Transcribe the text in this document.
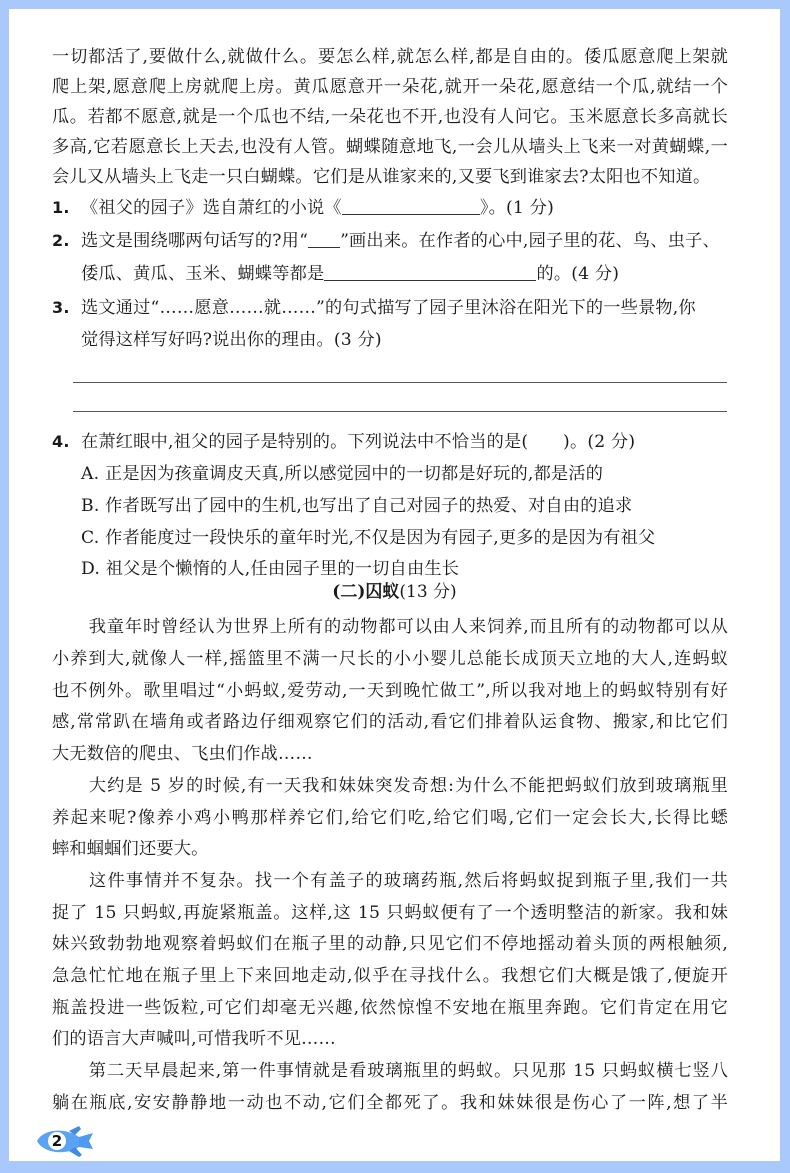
一切都活了,要做什么,就做什么。要怎么样,就怎么样,都是自由的。倭瓜愿意爬上架就
爬上架,愿意爬上房就爬上房。黄瓜愿意开一朵花,就开一朵花,愿意结一个瓜,就结一个
瓜。若都不愿意,就是一个瓜也不结,一朵花也不开,也没有人问它。玉米愿意长多高就长
多高,它若愿意长上天去,也没有人管。蝴蝶随意地飞,一会儿从墙头上飞来一对黄蝴蝶,一
会儿又从墙头上飞走一只白蝴蝶。它们是从谁家来的,又要飞到谁家去?太阳也不知道。
1. 《祖父的园子》选自萧红的小说《	》。(1 分)
2. 选文是围绕哪两句话写的?用“ ”画出来。在作者的心中,园子里的花、鸟、虫子、
倭瓜、黄瓜、玉米、蝴蝶等都是	的。(4 分)
3. 选文通过“……愿意……就……”的句式描写了园子里沐浴在阳光下的一些景物,你
觉得这样写好吗?说出你的理由。(3 分)
4. 在萧红眼中,祖父的园子是特别的。下列说法中不恰当的是(　　)。(2 分)
A. 正是因为孩童调皮天真,所以感觉园中的一切都是好玩的,都是活的
B. 作者既写出了园中的生机,也写出了自己对园子的热爱、对自由的追求
C. 作者能度过一段快乐的童年时光,不仅是因为有园子,更多的是因为有祖父
D. 祖父是个懒惰的人,任由园子里的一切自由生长
(二)囚蚁(13 分)
我童年时曾经认为世界上所有的动物都可以由人来饲养,而且所有的动物都可以从
小养到大,就像人一样,摇篮里不满一尺长的小小婴儿总能长成顶天立地的大人,连蚂蚁
也不例外。歌里唱过“小蚂蚁,爱劳动,一天到晚忙做工”,所以我对地上的蚂蚁特别有好
感,常常趴在墙角或者路边仔细观察它们的活动,看它们排着队运食物、搬家,和比它们
大无数倍的爬虫、飞虫们作战……
大约是 5 岁的时候,有一天我和妹妹突发奇想:为什么不能把蚂蚁们放到玻璃瓶里
养起来呢?像养小鸡小鸭那样养它们,给它们吃,给它们喝,它们一定会长大,长得比蟋
蟀和蝈蝈们还要大。
这件事情并不复杂。找一个有盖子的玻璃药瓶,然后将蚂蚁捉到瓶子里,我们一共
捉了 15 只蚂蚁,再旋紧瓶盖。这样,这 15 只蚂蚁便有了一个透明整洁的新家。我和妹
妹兴致勃勃地观察着蚂蚁们在瓶子里的动静,只见它们不停地摇动着头顶的两根触须,
急急忙忙地在瓶子里上下来回地走动,似乎在寻找什么。我想它们大概是饿了,便旋开
瓶盖投进一些饭粒,可它们却毫无兴趣,依然惊惶不安地在瓶里奔跑。它们肯定在用它
们的语言大声喊叫,可惜我听不见……
第二天早晨起来,第一件事情就是看玻璃瓶里的蚂蚁。只见那 15 只蚂蚁横七竖八
躺在瓶底,安安静静地一动也不动,它们全都死了。我和妹妹很是伤心了一阵,想了半
2
